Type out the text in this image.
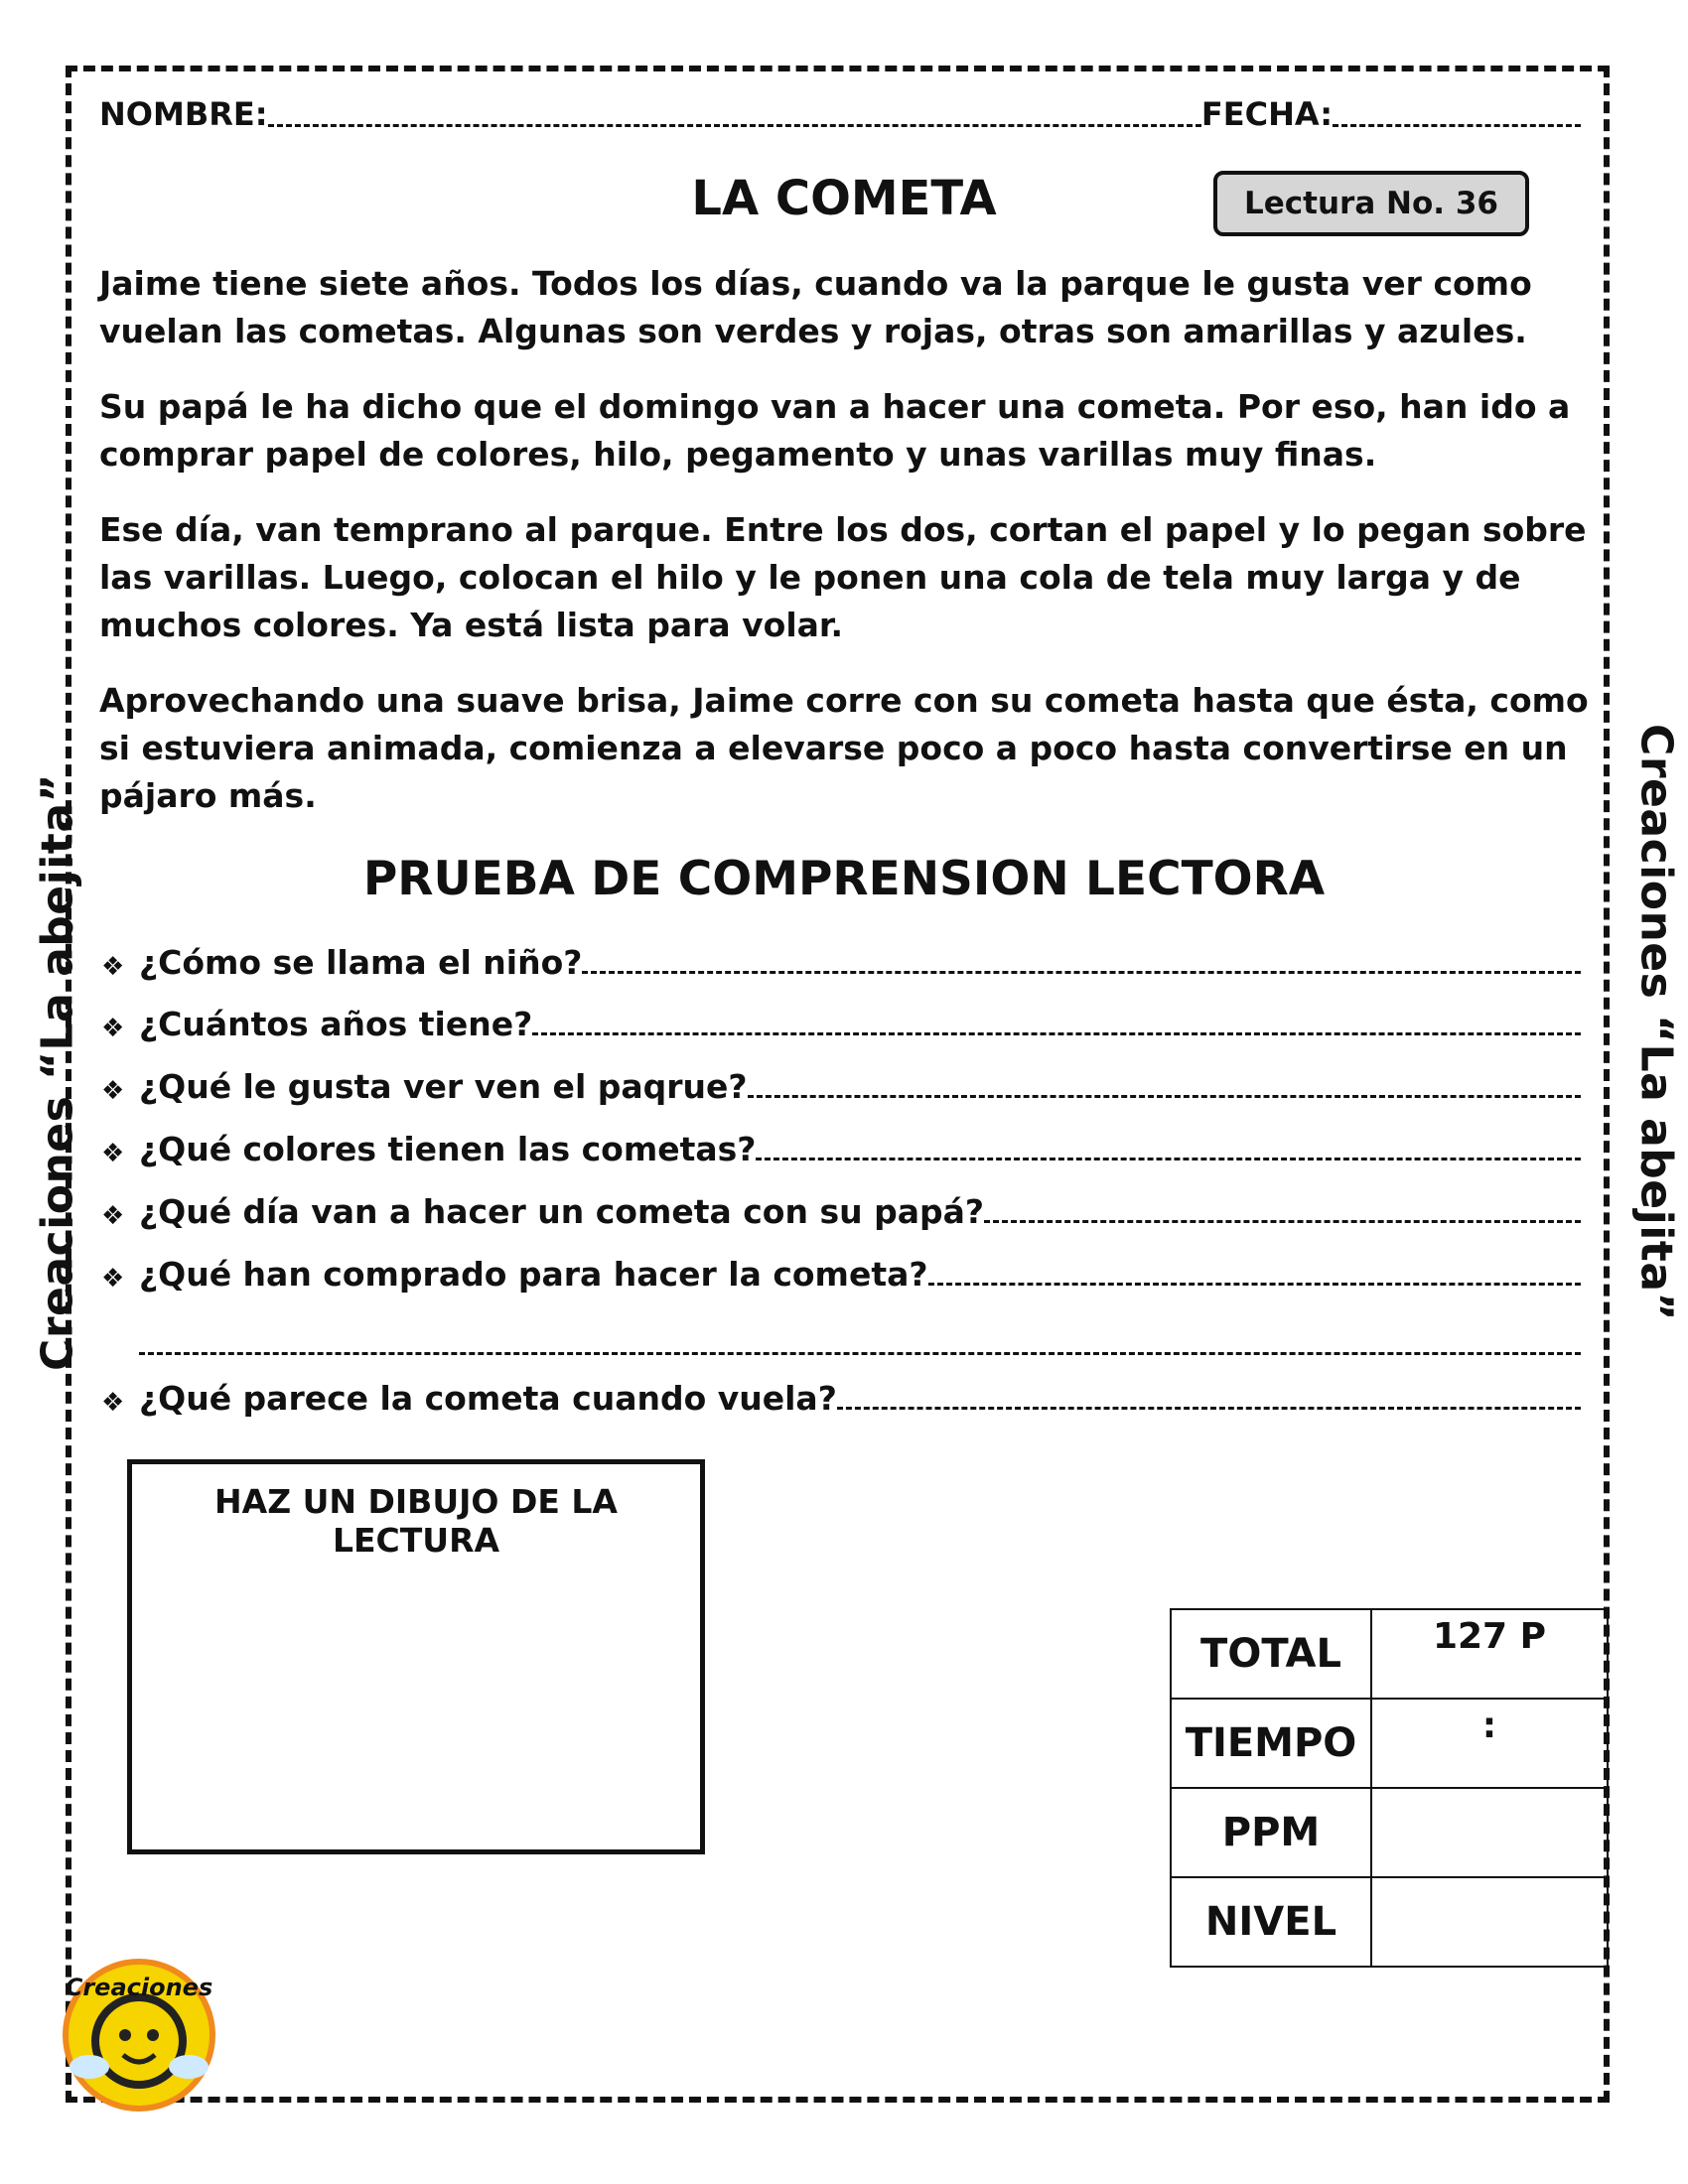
Creaciones “La abejita”	Creaciones “La abejita”
NOMBRE:	FECHA:
LA COMETA	Lectura No. 36

Jaime tiene siete años. Todos los días, cuando va la parque le gusta ver como vuelan las cometas. Algunas son verdes y rojas, otras son amarillas y azules.

Su papá le ha dicho que el domingo van a hacer una cometa. Por eso, han ido a comprar papel de colores, hilo, pegamento y unas varillas muy finas.

Ese día, van temprano al parque. Entre los dos, cortan el papel y lo pegan sobre las varillas. Luego, colocan el hilo y le ponen una cola de tela muy larga y de muchos colores. Ya está lista para volar.

Aprovechando una suave brisa, Jaime corre con su cometa hasta que ésta, como si estuviera animada, comienza a elevarse poco a poco hasta convertirse en un pájaro más.

PRUEBA DE COMPRENSION LECTORA
❖ ¿Cómo se llama el niño?
❖ ¿Cuántos años tiene?
❖ ¿Qué le gusta ver ven el paqrue?
❖ ¿Qué colores tienen las cometas?
❖ ¿Qué día van a hacer un cometa con su papá?
❖ ¿Qué han comprado para hacer la cometa?
❖ ¿Qué parece la cometa cuando vuela?
HAZ UN DIBUJO DE LA LECTURA
TOTAL	127 P
TIEMPO	:
PPM	
NIVEL	
Creaciones
